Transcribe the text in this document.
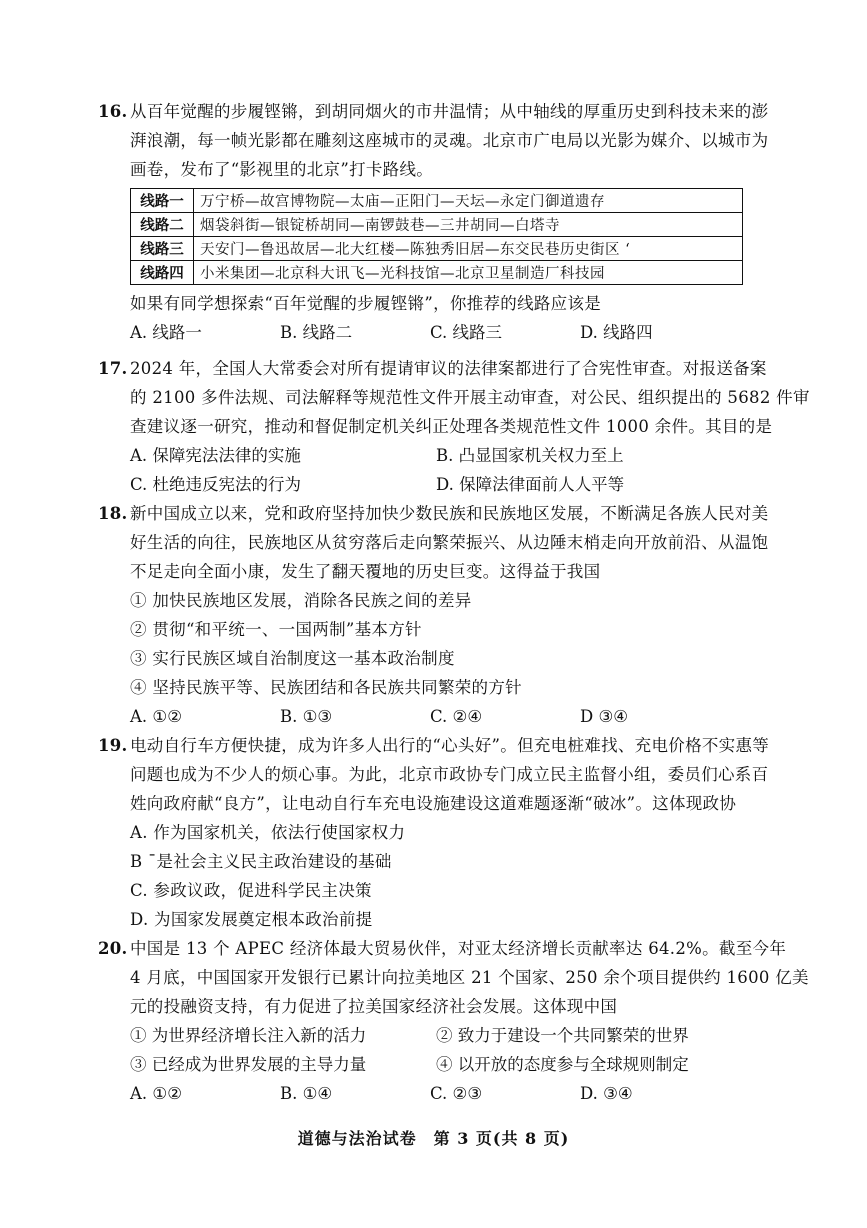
16. 从百年觉醒的步履铿锵，到胡同烟火的市井温情；从中轴线的厚重历史到科技未来的澎
湃浪潮，每一帧光影都在雕刻这座城市的灵魂。北京市广电局以光影为媒介、以城市为
画卷，发布了“影视里的北京”打卡路线。
线路一	万宁桥—故宫博物院—太庙—正阳门—天坛—永定门御道遗存
线路二	烟袋斜街—银锭桥胡同—南锣鼓巷—三井胡同—白塔寺
线路三	天安门—鲁迅故居—北大红楼—陈独秀旧居—东交民巷历史街区 ‘
线路四	小米集团—北京科大讯飞—光科技馆—北京卫星制造厂科技园
如果有同学想探索“百年觉醒的步履铿锵”，你推荐的线路应该是
A. 线路一	B. 线路二	C. 线路三	D. 线路四
17. 2024 年，全国人大常委会对所有提请审议的法律案都进行了合宪性审查。对报送备案
的 2100 多件法规、司法解释等规范性文件开展主动审查，对公民、组织提出的 5682 件审
查建议逐一研究，推动和督促制定机关纠正处理各类规范性文件 1000 余件。其目的是
A. 保障宪法法律的实施	B. 凸显国家机关权力至上
C. 杜绝违反宪法的行为	D. 保障法律面前人人平等
18. 新中国成立以来，党和政府坚持加快少数民族和民族地区发展，不断满足各族人民对美
好生活的向往，民族地区从贫穷落后走向繁荣振兴、从边陲末梢走向开放前沿、从温饱
不足走向全面小康，发生了翻天覆地的历史巨变。这得益于我国
① 加快民族地区发展，消除各民族之间的差异
② 贯彻“和平统一、一国两制”基本方针
③ 实行民族区域自治制度这一基本政治制度
④ 坚持民族平等、民族团结和各民族共同繁荣的方针
A. ①②	B. ①③	C. ②④	D ③④
19. 电动自行车方便快捷，成为许多人出行的“心头好”。但充电桩难找、充电价格不实惠等
问题也成为不少人的烦心事。为此，北京市政协专门成立民主监督小组，委员们心系百
姓向政府献“良方”，让电动自行车充电设施建设这道难题逐渐“破冰”。这体现政协
A. 作为国家机关，依法行使国家权力
B ˉ是社会主义民主政治建设的基础
C. 参政议政，促进科学民主决策
D. 为国家发展奠定根本政治前提
20. 中国是 13 个 APEC 经济体最大贸易伙伴，对亚太经济增长贡献率达 64.2%。截至今年
4 月底，中国国家开发银行已累计向拉美地区 21 个国家、250 余个项目提供约 1600 亿美
元的投融资支持，有力促进了拉美国家经济社会发展。这体现中国
① 为世界经济增长注入新的活力	② 致力于建设一个共同繁荣的世界
③ 已经成为世界发展的主导力量	④ 以开放的态度参与全球规则制定
A. ①②	B. ①④	C. ②③	D. ③④
道德与法治试卷　第 3 页(共 8 页)
